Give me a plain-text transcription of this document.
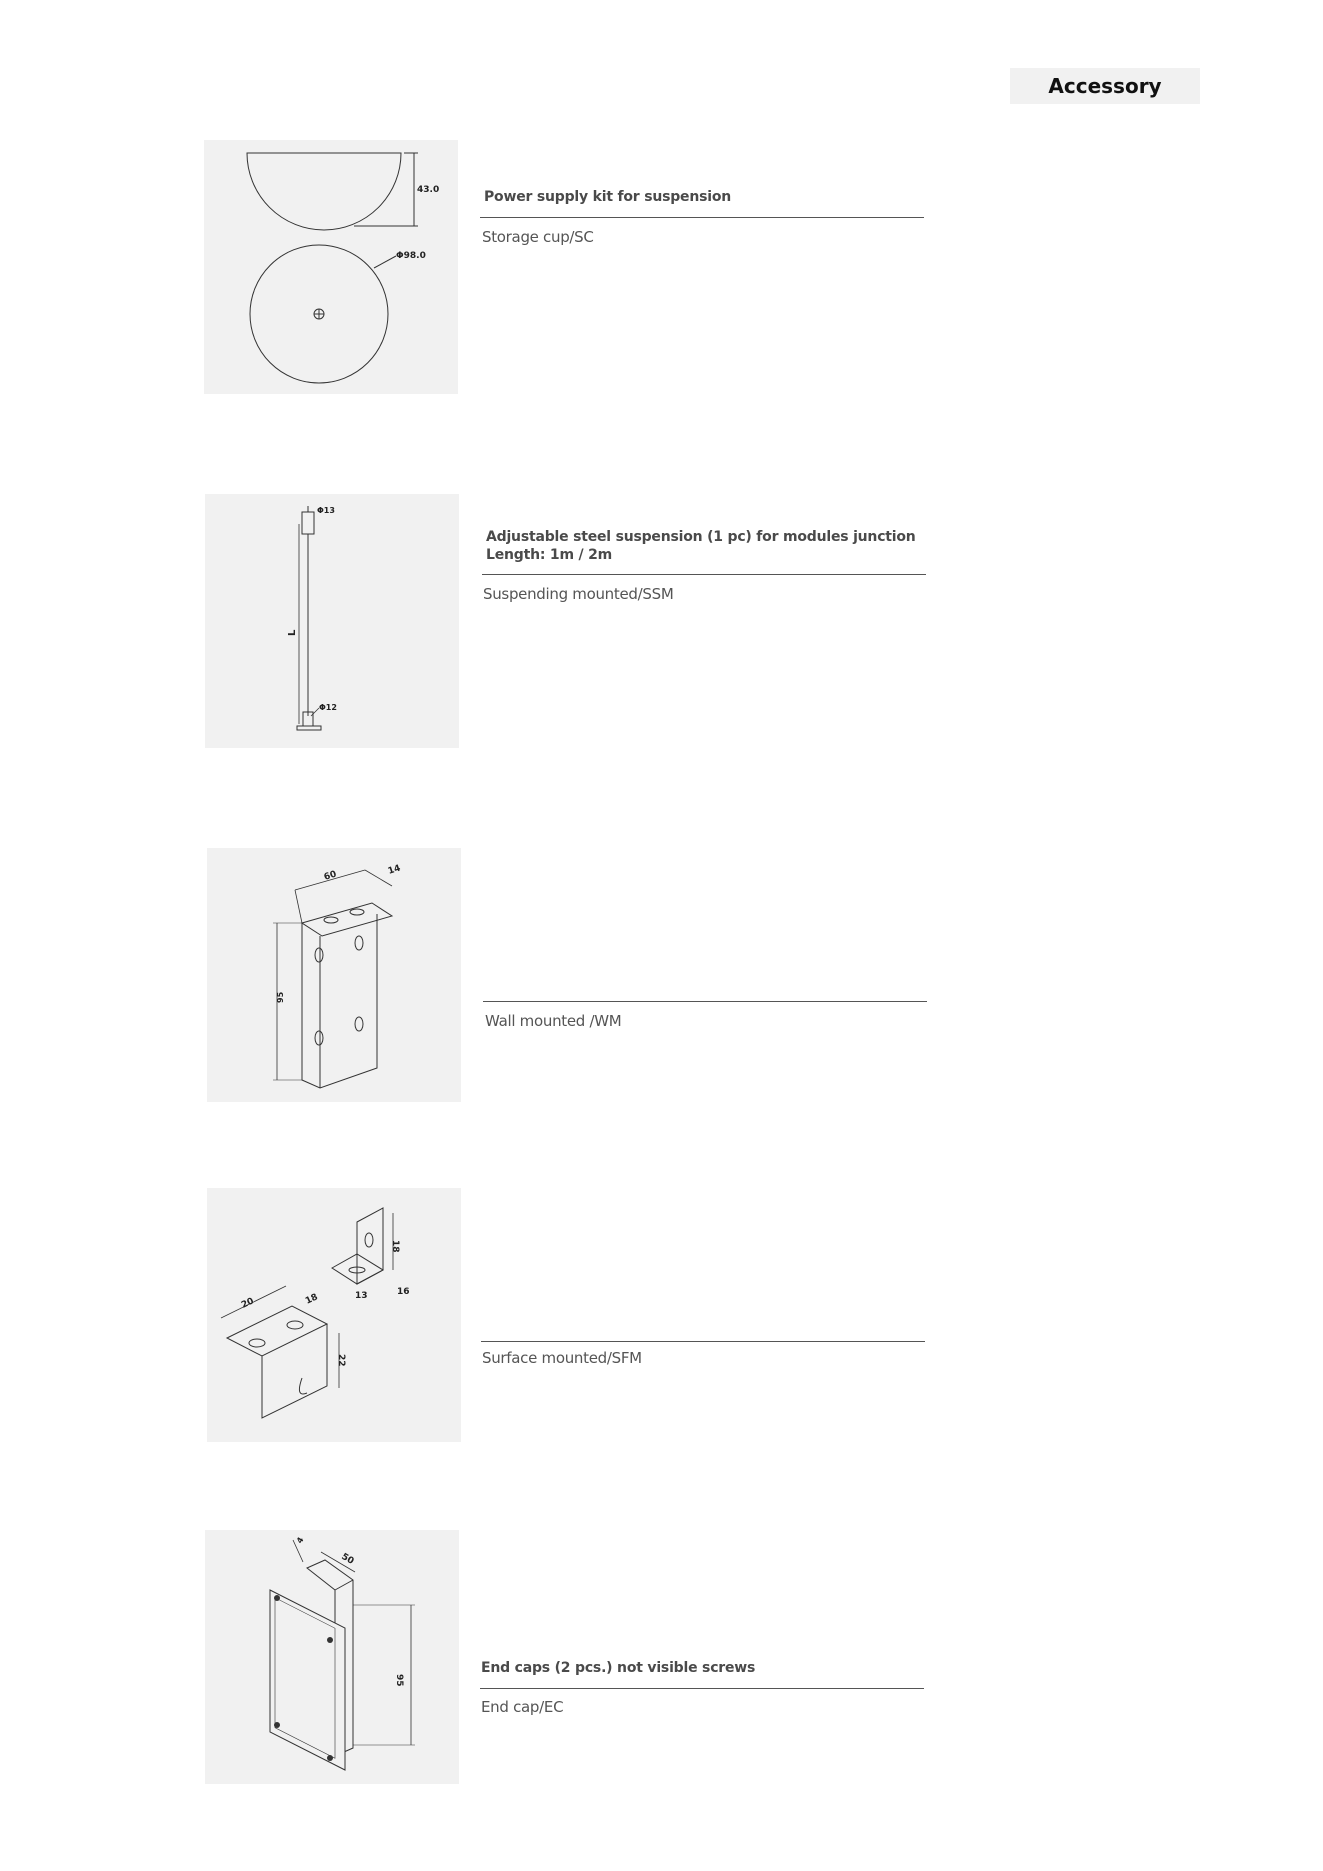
Accessory
43.0
Φ98.0

Power supply kit for suspension

Storage cup/SC

Φ13
L
Φ12

Adjustable steel suspension (1 pc) for modules junction
Length: 1m / 2m

Suspending mounted/SSM

60	14
95

Wall mounted /WM

18
13	16
20	18
22	Surface mounted/SFM

4
50
95

End caps (2 pcs.) not visible screws

End cap/EC
